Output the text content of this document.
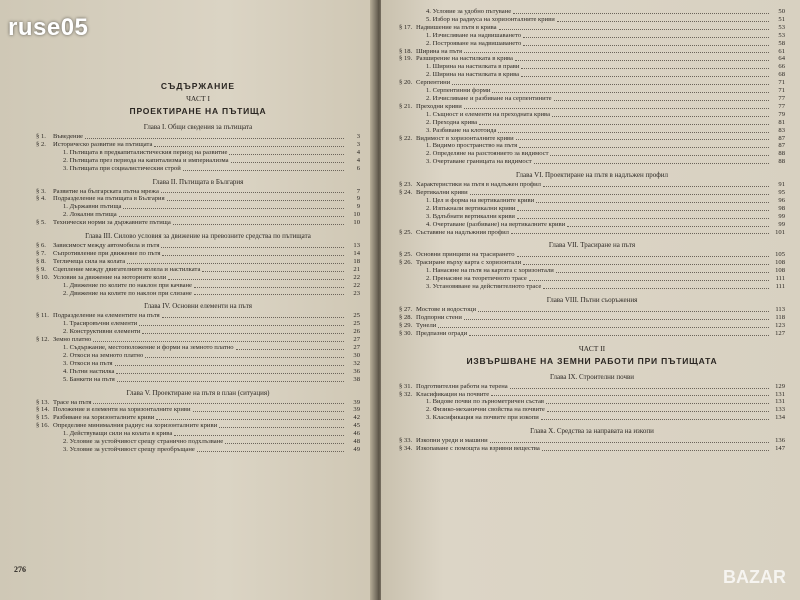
СЪДЪРЖАНИЕ
ЧАСТ I
ПРОЕКТИРАНЕ НА ПЪТИЩА
Глава I. Общи сведения за пътищата
§ 1.	Въведение	3
§ 2.	Историческо развитие на пътищата	3
1. Пътищата в предкапиталистическия период на развитие	4
2. Пътищата през периода на капитализма и империализма	4
3. Пътищата при социалистическия строй	6
Глава II. Пътищата в България
§ 3.	Развитие на българската пътна мрежа	7
§ 4.	Подразделение на пътищата в България	9
1. Държавни пътища	9
2. Локални пътища	10
§ 5.	Технически норми за държавните пътища	10
Глава III. Силово условия за движение на превозните средства по пътищата
§ 6.	Зависимост между автомобила и пътя	13
§ 7.	Съпротивление при движение по пътя	14
§ 8.	Тегличеща сила на колата	18
§ 9.	Сцепление между двигателните колела и настилката	21
§ 10. Условия за движение на моторните коли	22
1. Движение по колите по наклон при качване	22
2. Движение на колите по наклон при слизане	23
Глава IV. Основни елементи на пътя
§ 11. Подразделение на елементите на пътя	25
1. Трасировъчни елементи	25
2. Конструктивни елементи	26
§ 12. Земно платно	27
1. Съдържание, местоположение и форми на земното платно	27
2. Откоси на земното платно	30
3. Откоси на пътя	32
4. Пътни настилка	36
5. Банкети на пътя	38
Глава V. Проектиране на пътя в план (ситуация)
§ 13. Трасе на пътя	39
§ 14. Положение и елементи на хоризонталните криви	39
§ 15. Разбиване на хоризонталните криви	42
§ 16. Определяне минималния радиус на хоризонталните криви	45
1. Действуващи сили на колата в крива	46
2. Условие за устойчивост срещу странично подхлъзване	48
3. Условие за устойчивост срещу преобръщане	49
276
4. Условие за удобно пътуване	50
5. Избор на радиуса на хоризонталните криви	51
§ 17. Надвишение на пътя в крива	53
1. Изчисляване на надвишаването	53
2. Построяване на надвишаването	58
§ 18. Ширина на пътя	61
§ 19. Разширение на настилката в крива	64
1. Ширина на настилката в прави	66
2. Ширина на настилката в крива	68
§ 20. Серпентини	71
1. Серпентинни форми	71
2. Изчисляване и разбиване на серпентините	77
§ 21. Преходни криви	77
1. Същност и елементи на преходната крива	79
2. Преходна крива	81
3. Разбиване на клотоида	83
§ 22. Видимост в хоризонталните криви	87
1. Видимо пространство на пътя	87
2. Определяне на разстоянието за видимост	88
3. Очертаване границата на видимост	88
Глава VI. Проектиране на пътя в надлъжен профил
§ 23. Характеристики на пътя в надлъжен профил	91
§ 24. Вертикални криви	95
1. Цел и форма на вертикалните криви	96
2. Изпъкнали вертикални криви	98
3. Вдлъбнати вертикални криви	99
4. Очертаване (разбиване) на вертикалните криви	99
§ 25. Съставяне на надлъжния профил	101
Глава VII. Трасиране на пътя
§ 25. Основни принципи на трасирането	105
§ 26. Трасиране върху карта с хоризонтали	108
1. Нанасяне на пътя на картата с хоризонтали	108
2. Пренасяне на теоретичното трасе	111
3. Установяване на действителното трасе	111
Глава VIII. Пътни съоръжения
§ 27. Мостове и водостоци	113
§ 28. Подпорни стени	118
§ 29. Тунели	123
§ 30. Предпазни огради	127
ЧАСТ II
ИЗВЪРШВАНЕ НА ЗЕМНИ РАБОТИ ПРИ ПЪТИЩАТА
Глава IX. Строителни почви
§ 31. Подготвителни работи на терена	129
§ 32. Класификация на почвите	131
1. Видове почви по зърнометричен състав	131
2. Физико-механични свойства на почвите	133
3. Класификация на почвите при изкопи	134
Глава X. Средства за направата на изкопи
§ 33. Изкопни уреди и машини	136
§ 34. Изкопаване с помощта на взривни вещества	147
BAZAR
ruse05
